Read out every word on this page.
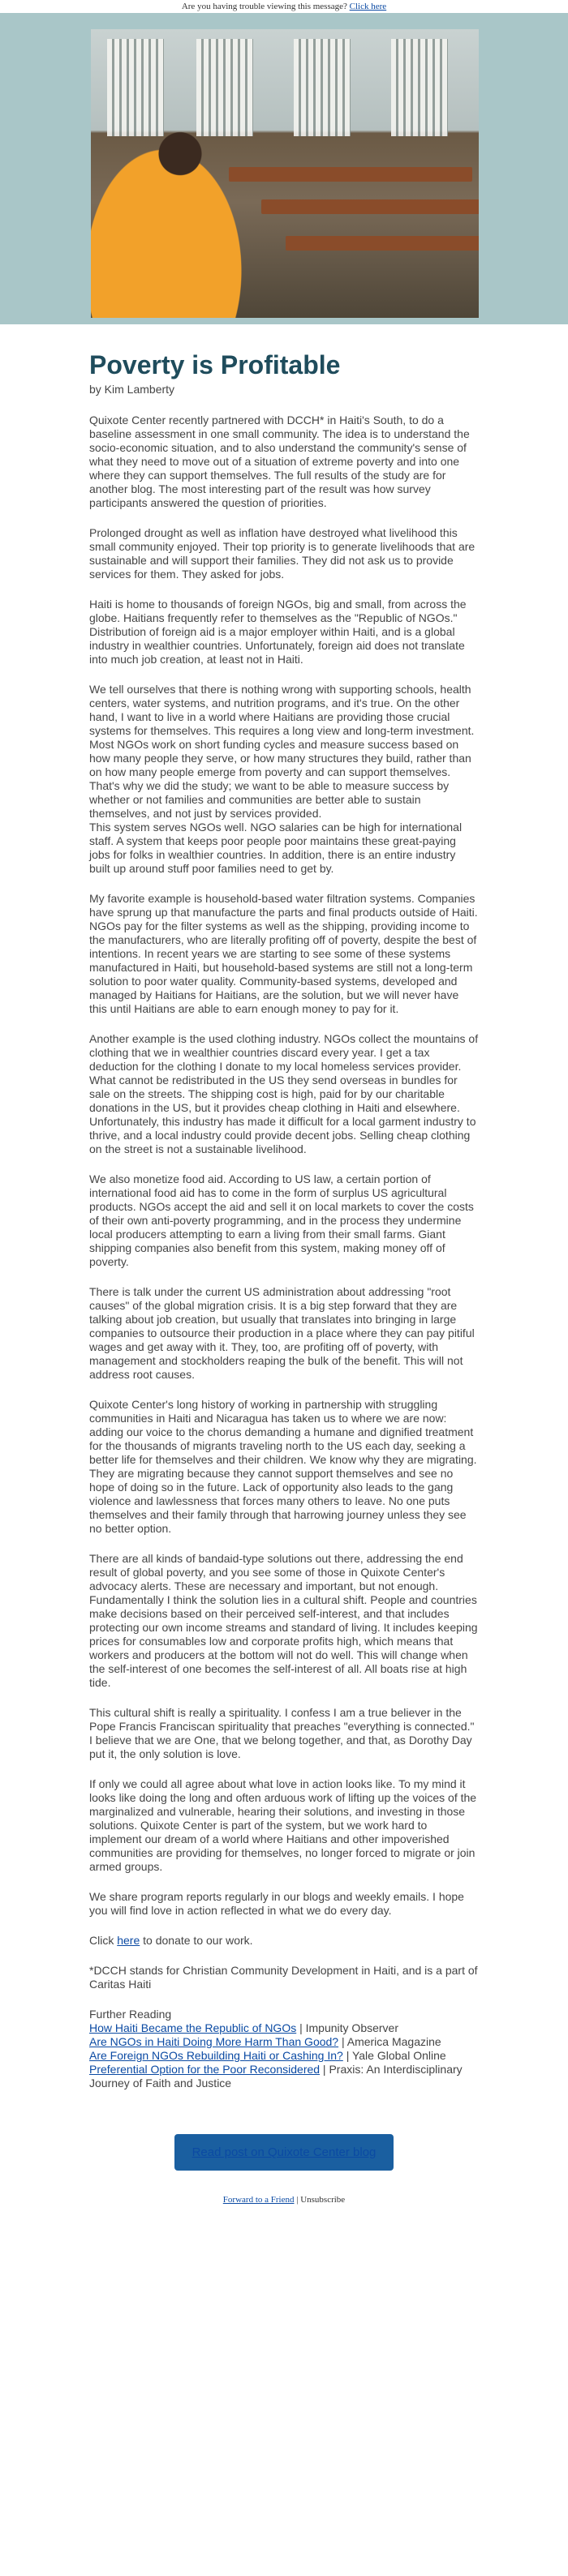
Are you having trouble viewing this message? Click here
Poverty is Profitable
by Kim Lamberty

Quixote Center recently partnered with DCCH* in Haiti's South, to do a baseline assessment in one small community. The idea is to understand the socio-economic situation, and to also understand the community's sense of what they need to move out of a situation of extreme poverty and into one where they can support themselves. The full results of the study are for another blog. The most interesting part of the result was how survey participants answered the question of priorities.

Prolonged drought as well as inflation have destroyed what livelihood this small community enjoyed. Their top priority is to generate livelihoods that are sustainable and will support their families. They did not ask us to provide services for them. They asked for jobs.

Haiti is home to thousands of foreign NGOs, big and small, from across the globe. Haitians frequently refer to themselves as the "Republic of NGOs." Distribution of foreign aid is a major employer within Haiti, and is a global industry in wealthier countries. Unfortunately, foreign aid does not translate into much job creation, at least not in Haiti.

We tell ourselves that there is nothing wrong with supporting schools, health centers, water systems, and nutrition programs, and it's true. On the other hand, I want to live in a world where Haitians are providing those crucial systems for themselves. This requires a long view and long-term investment. Most NGOs work on short funding cycles and measure success based on how many people they serve, or how many structures they build, rather than on how many people emerge from poverty and can support themselves. That's why we did the study; we want to be able to measure success by whether or not families and communities are better able to sustain themselves, and not just by services provided.
This system serves NGOs well. NGO salaries can be high for international staff. A system that keeps poor people poor maintains these great-paying jobs for folks in wealthier countries. In addition, there is an entire industry built up around stuff poor families need to get by.

My favorite example is household-based water filtration systems. Companies have sprung up that manufacture the parts and final products outside of Haiti. NGOs pay for the filter systems as well as the shipping, providing income to the manufacturers, who are literally profiting off of poverty, despite the best of intentions. In recent years we are starting to see some of these systems manufactured in Haiti, but household-based systems are still not a long-term solution to poor water quality. Community-based systems, developed and managed by Haitians for Haitians, are the solution, but we will never have this until Haitians are able to earn enough money to pay for it.

Another example is the used clothing industry. NGOs collect the mountains of clothing that we in wealthier countries discard every year. I get a tax deduction for the clothing I donate to my local homeless services provider. What cannot be redistributed in the US they send overseas in bundles for sale on the streets. The shipping cost is high, paid for by our charitable donations in the US, but it provides cheap clothing in Haiti and elsewhere. Unfortunately, this industry has made it difficult for a local garment industry to thrive, and a local industry could provide decent jobs. Selling cheap clothing on the street is not a sustainable livelihood.

We also monetize food aid. According to US law, a certain portion of international food aid has to come in the form of surplus US agricultural products. NGOs accept the aid and sell it on local markets to cover the costs of their own anti-poverty programming, and in the process they undermine local producers attempting to earn a living from their small farms. Giant shipping companies also benefit from this system, making money off of poverty.

There is talk under the current US administration about addressing "root causes" of the global migration crisis. It is a big step forward that they are talking about job creation, but usually that translates into bringing in large companies to outsource their production in a place where they can pay pitiful wages and get away with it. They, too, are profiting off of poverty, with management and stockholders reaping the bulk of the benefit. This will not address root causes.

Quixote Center's long history of working in partnership with struggling communities in Haiti and Nicaragua has taken us to where we are now: adding our voice to the chorus demanding a humane and dignified treatment for the thousands of migrants traveling north to the US each day, seeking a better life for themselves and their children. We know why they are migrating. They are migrating because they cannot support themselves and see no hope of doing so in the future. Lack of opportunity also leads to the gang violence and lawlessness that forces many others to leave. No one puts themselves and their family through that harrowing journey unless they see no better option.

There are all kinds of bandaid-type solutions out there, addressing the end result of global poverty, and you see some of those in Quixote Center's advocacy alerts. These are necessary and important, but not enough. Fundamentally I think the solution lies in a cultural shift. People and countries make decisions based on their perceived self-interest, and that includes protecting our own income streams and standard of living. It includes keeping prices for consumables low and corporate profits high, which means that workers and producers at the bottom will not do well. This will change when the self-interest of one becomes the self-interest of all. All boats rise at high tide.

This cultural shift is really a spirituality. I confess I am a true believer in the Pope Francis Franciscan spirituality that preaches "everything is connected." I believe that we are One, that we belong together, and that, as Dorothy Day put it, the only solution is love.

If only we could all agree about what love in action looks like. To my mind it looks like doing the long and often arduous work of lifting up the voices of the marginalized and vulnerable, hearing their solutions, and investing in those solutions. Quixote Center is part of the system, but we work hard to implement our dream of a world where Haitians and other impoverished communities are providing for themselves, no longer forced to migrate or join armed groups.

We share program reports regularly in our blogs and weekly emails. I hope you will find love in action reflected in what we do every day.

Click here to donate to our work.

*DCCH stands for Christian Community Development in Haiti, and is a part of Caritas Haiti

Further Reading

How Haiti Became the Republic of NGOs | Impunity Observer

Are NGOs in Haiti Doing More Harm Than Good? | America Magazine

Are Foreign NGOs Rebuilding Haiti or Cashing In? | Yale Global Online

Preferential Option for the Poor Reconsidered | Praxis: An Interdisciplinary Journey of Faith and Justice

Read post on Quixote Center blog
Forward to a Friend | Unsubscribe
